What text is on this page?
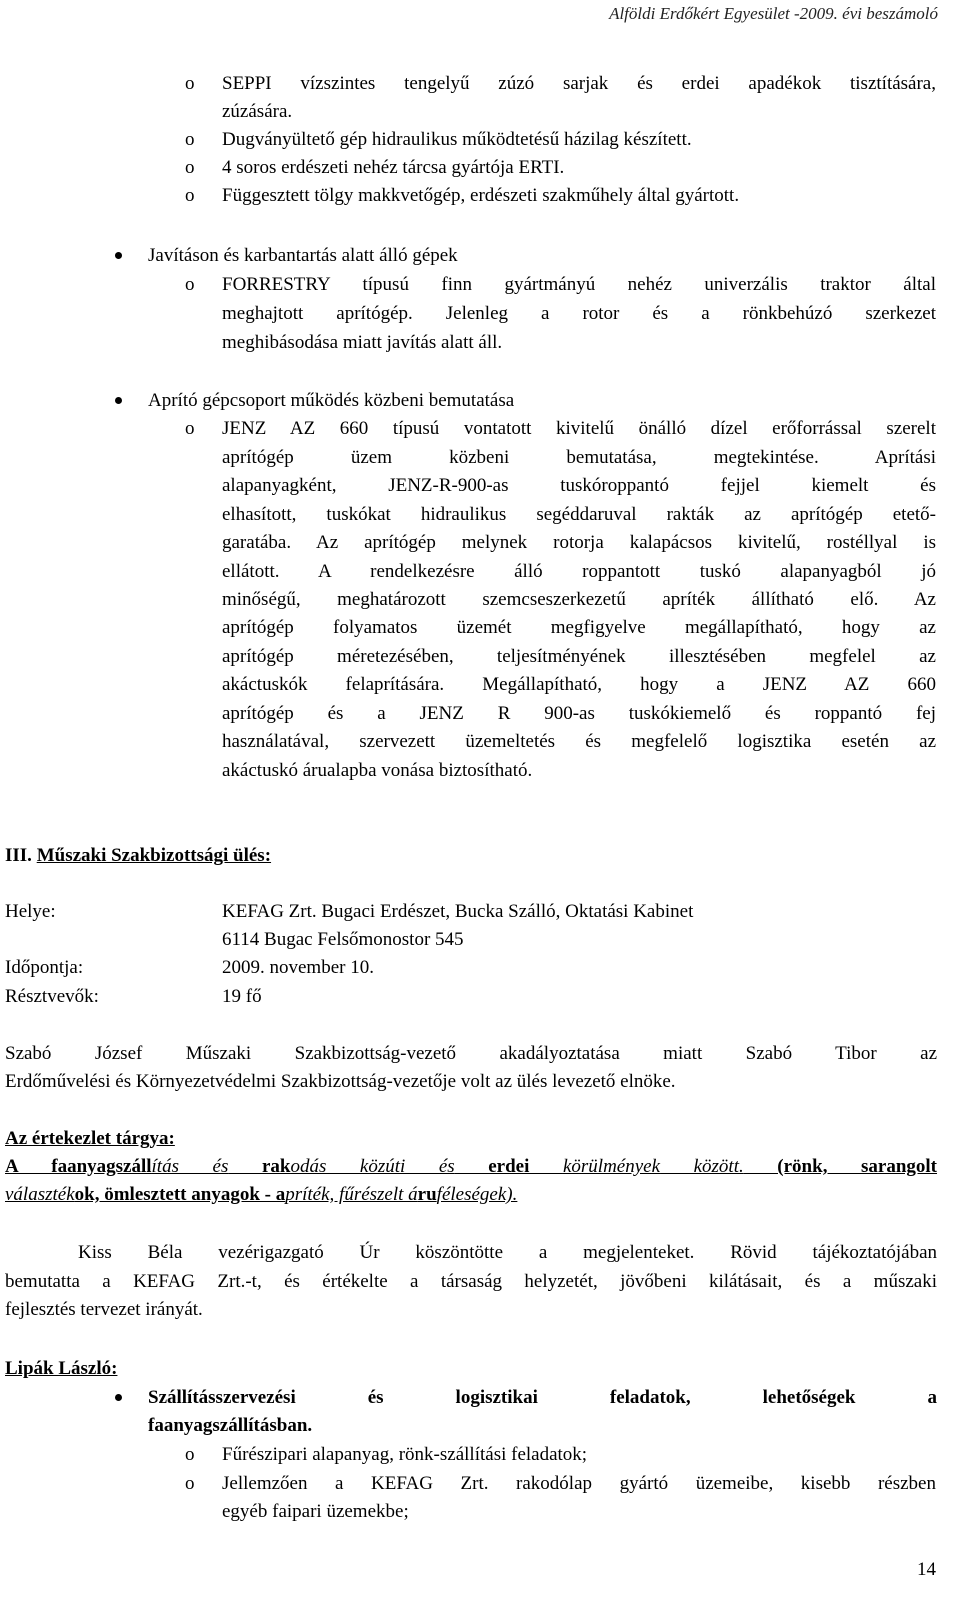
Alföldi Erdőkért Egyesület -2009. évi beszámoló
o SEPPI vízszintes tengelyű zúzó sarjak és erdei apadékok tisztítására,
zúzására.
o Dugványültető gép hidraulikus működtetésű házilag készített.
o 4 soros erdészeti nehéz tárcsa gyártója ERTI.
o Függesztett tölgy makkvetőgép, erdészeti szakműhely által gyártott.
Javításon és karbantartás alatt álló gépek
o FORRESTRY típusú finn gyártmányú nehéz univerzális traktor által
meghajtott aprítógép. Jelenleg a rotor és a rönkbehúzó szerkezet
meghibásodása miatt javítás alatt áll.
Aprító gépcsoport működés közbeni bemutatása
o JENZ AZ 660 típusú vontatott kivitelű önálló dízel erőforrással szerelt
aprítógép üzem közbeni bemutatása, megtekintése. Aprítási
alapanyagként, JENZ-R-900-as tuskóroppantó fejjel kiemelt és
elhasított, tuskókat hidraulikus segéddaruval rakták az aprítógép etető-
garatába. Az aprítógép melynek rotorja kalapácsos kivitelű, rostéllyal is
ellátott. A rendelkezésre álló roppantott tuskó alapanyagból jó
minőségű, meghatározott szemcseszerkezetű apríték állítható elő. Az
aprítógép folyamatos üzemét megfigyelve megállapítható, hogy az
aprítógép méretezésében, teljesítményének illesztésében megfelel az
akáctuskók felaprítására. Megállapítható, hogy a JENZ AZ 660
aprítógép és a JENZ R 900-as tuskókiemelő és roppantó fej
használatával, szervezett üzemeltetés és megfelelő logisztika esetén az
akáctuskó árualapba vonása biztosítható.
III. Műszaki Szakbizottsági ülés:
Helye:	KEFAG Zrt. Bugaci Erdészet, Bucka Szálló, Oktatási Kabinet
6114 Bugac Felsőmonostor 545
Időpontja:	2009. november 10.
Résztvevők:	19 fő
Szabó József Műszaki Szakbizottság-vezető akadályoztatása miatt Szabó Tibor az
Erdőművelési és Környezetvédelmi Szakbizottság-vezetője volt az ülés levezető elnöke.
Az értekezlet tárgya:
A faanyagszállítás és rakodás közúti és erdei körülmények között. (rönk, sarangolt
választékok, ömlesztett anyagok - apríték, fűrészelt áruféleségek).
Kiss Béla vezérigazgató Úr köszöntötte a megjelenteket. Rövid tájékoztatójában
bemutatta a KEFAG Zrt.-t, és értékelte a társaság helyzetét, jövőbeni kilátásait, és a műszaki
fejlesztés tervezet irányát.
Lipák László:
Szállításszervezési és logisztikai feladatok, lehetőségek a
faanyagszállításban.
o Fűrészipari alapanyag, rönk-szállítási feladatok;
o Jellemzően a KEFAG Zrt. rakodólap gyártó üzemeibe, kisebb részben
egyéb faipari üzemekbe;
14
